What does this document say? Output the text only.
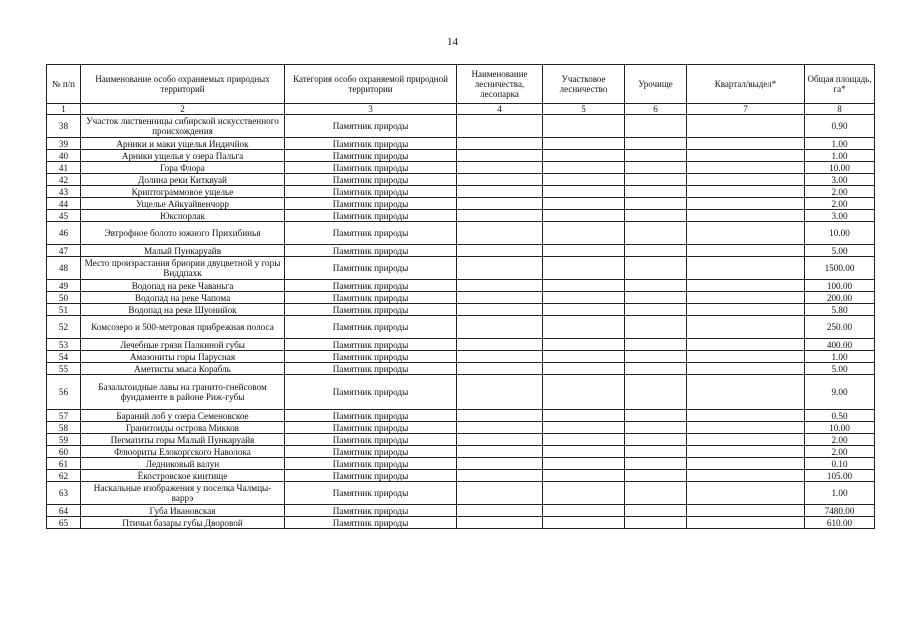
14
№ п/п	Наименование особо охраняемых природных территорий	Категория особо охраняемой природной территории	Наименование лесничества, лесопарка	Участковое лесничество	Урочище	Квартал/выдел*	Общая площадь, га*
1	2	3	4	5	6	7	8
38	Участок лиственницы сибирской искусственного происхождения	Памятник природы					0.90
39	Арники и маки ущелья Индичйок	Памятник природы					1.00
40	Арники ущелья у озера Пальга	Памятник природы					1.00
41	Гора Флора	Памятник природы					10.00
42	Долина реки Китквуай	Памятник природы					3.00
43	Криптограммовое ущелье	Памятник природы					2.00
44	Ущелье Айкуайвенчорр	Памятник природы					2.00
45	Юкспорлак	Памятник природы					3.00
46	Эвтрофное болото южного Прихибинья	Памятник природы					10.00
47	Малый Пункаруайв	Памятник природы					5.00
48	Место произрастания бриории двуцветной у горы Виддпахк	Памятник природы					1500.00
49	Водопад на реке Чаваньга	Памятник природы					100.00
50	Водопад на реке Чапома	Памятник природы					200.00
51	Водопад на реке Шуонийок	Памятник природы					5.80
52	Комсозеро и 500-метровая прибрежная полоса	Памятник природы					250.00
53	Лечебные грязи Палкиной губы	Памятник природы					400.00
54	Амазониты горы Парусная	Памятник природы					1.00
55	Аметисты мыса Корабль	Памятник природы					5.00
56	Базальтоидные лавы на гранито-гнейсовом фундаменте в районе Риж-губы	Памятник природы					9.00
57	Бараний лоб у озера Семеновское	Памятник природы					0.50
58	Гранитоиды острова Микков	Памятник природы					10.00
59	Пегматиты горы Малый Пункаруайв	Памятник природы					2.00
60	Флюориты Елокоргского Наволока	Памятник природы					2.00
61	Ледниковый валун	Памятник природы					0.10
62	Ёкостровское кинтище	Памятник природы					105.00
63	Наскальные изображения у поселка Чалмцы-варрэ	Памятник природы					1.00
64	Губа Ивановская	Памятник природы					7480.00
65	Птичьи базары губы Дворовой	Памятник природы					610.00
